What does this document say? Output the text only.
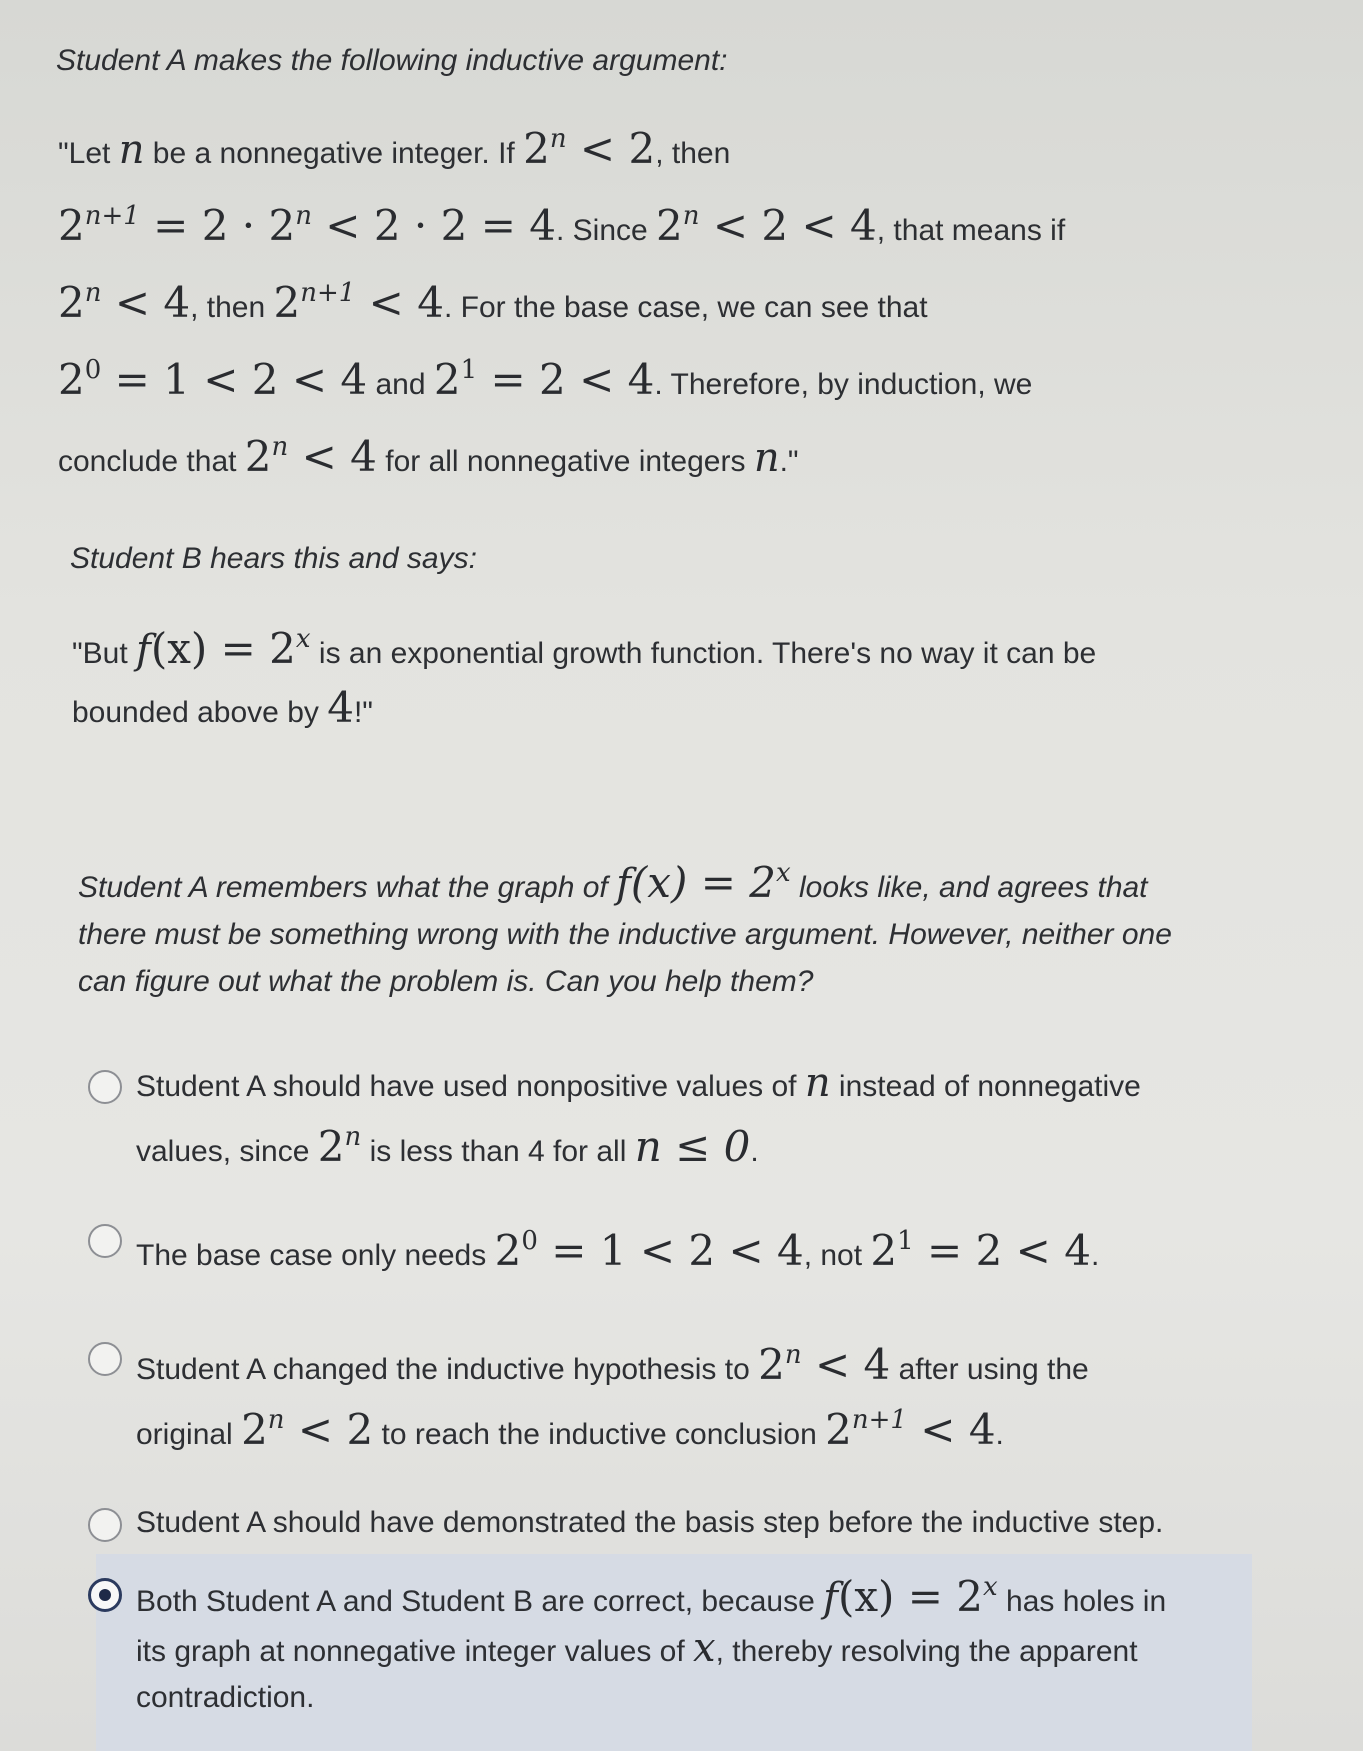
Student A makes the following inductive argument:
"Let n be a nonnegative integer. If $2^n < 2$, then
$2^{n+1} = 2 \cdot 2^n < 2 \cdot 2 = 4$. Since $2^n < 2 < 4$, that means if
$2^n < 4$, then $2^{n+1} < 4$. For the base case, we can see that
$2^0 = 1 < 2 < 4$ and $2^1 = 2 < 4$. Therefore, by induction, we
conclude that $2^n < 4$ for all nonnegative integers n."
Student B hears this and says:
"But $f(x) = 2^x$ is an exponential growth function. There's no way it can be
bounded above by 4!"
Student A remembers what the graph of $f(x) = 2^x$ looks like, and agrees that
there must be something wrong with the inductive argument. However, neither one
can figure out what the problem is. Can you help them?
Student A should have used nonpositive values of n instead of nonnegative
values, since 2$^n$ is less than 4 for all n ≤ 0.
The base case only needs $2^0 = 1 < 2 < 4$, not $2^1 = 2 < 4$.
Student A changed the inductive hypothesis to $2^n < 4$ after using the
original $2^n < 2$ to reach the inductive conclusion $2^{n+1} < 4$.
Student A should have demonstrated the basis step before the inductive step.
Both Student A and Student B are correct, because $f(x) = 2^x$ has holes in
its graph at nonnegative integer values of x, thereby resolving the apparent
contradiction.
